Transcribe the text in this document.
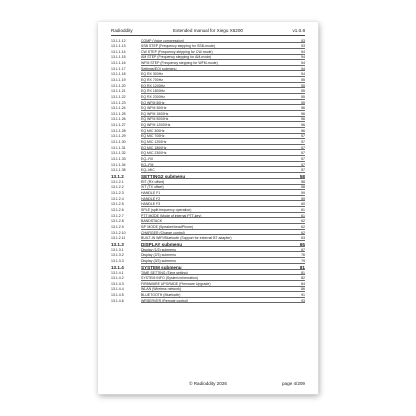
Radioddity	Extended manual for Xiegu X6200	v1.0.8
13.1.1.12	COMP (Voice compression)	53
13.1.1.13	SSB STEP (Frequency stepping for SSB-mode)	53
13.1.1.14	CW STEP (Frequency stepping for CW-mode)	54
13.1.1.15	AM STEP (Frequency stepping for AM-mode)	54
13.1.1.16	WFM STEP (Frequency stepping for WFM-mode)	54
13.1.1.17	Settings(EQ) submenu	54
13.1.1.18	EQ RX 300Hz	54
13.1.1.19	EQ RX 700Hz	55
13.1.1.20	EQ RX 1200Hz	55
13.1.1.21	EQ RX 1800Hz	55
13.1.1.22	EQ RX 2300Hz	55
13.1.1.23	EQ WFM 50Hz	55
13.1.1.24	EQ WFM 300Hz	56
13.1.1.25	EQ WFM 1500Hz	56
13.1.1.26	EQ WFM 5000Hz	56
13.1.1.27	EQ WFM 12000Hz	56
13.1.1.28	EQ MIC 300Hz	56
13.1.1.29	EQ MIC 700Hz	57
13.1.1.30	EQ MIC 1200Hz	57
13.1.1.31	EQ MIC 1800Hz	57
13.1.1.32	EQ MIC 2300Hz	57
13.1.1.33	EQ--RX	57
13.1.1.34	EQ--FM	57
13.1.1.35	EQ--MIC	57
13.1.2	SETTING2 submenu	58
13.1.2.1	RIT (RX offset)	58
13.1.2.2	XIT (TX offset)	58
13.1.2.3	HANDLE F1	59
13.1.2.4	HANDLE F2	59
13.1.2.5	HANDLE F3	60
13.1.2.6	SPLE (split frequency operation)	61
13.1.2.7	PTT MODE (Mode of internal PTT-key)	61
13.1.2.8	BANDSTACK	62
13.1.2.9	S/F MODE (Speaker/headPhone)	62
13.1.2.10	CHARGER (Charge control)	62
13.1.2.11	BUILT-IN WIFI/Bluetooth (Support for external BT adapter)	63
13.1.3	DISPLAY submenu	65
13.1.3.1	Display (1/3) submenu	67
13.1.3.2	Display (2/3) submenu	76
13.1.3.3	Display (3/3) submenu	79
13.1.4	SYSTEM submenu	81
13.1.4.1	TIME SETTING (Time setting)	81
13.1.4.2	SYSTEM INFO (System information)	82
13.1.4.3	FIRMWARE UPGRADE (Firmware Upgrade)	84
13.1.4.4	WLAN (Wireless network)	86
13.1.4.5	BLUETOOTH (Bluetooth)	91
13.1.4.6	WRSERVER (Remote control)	93
© Radioddity 2026	page 4/209
